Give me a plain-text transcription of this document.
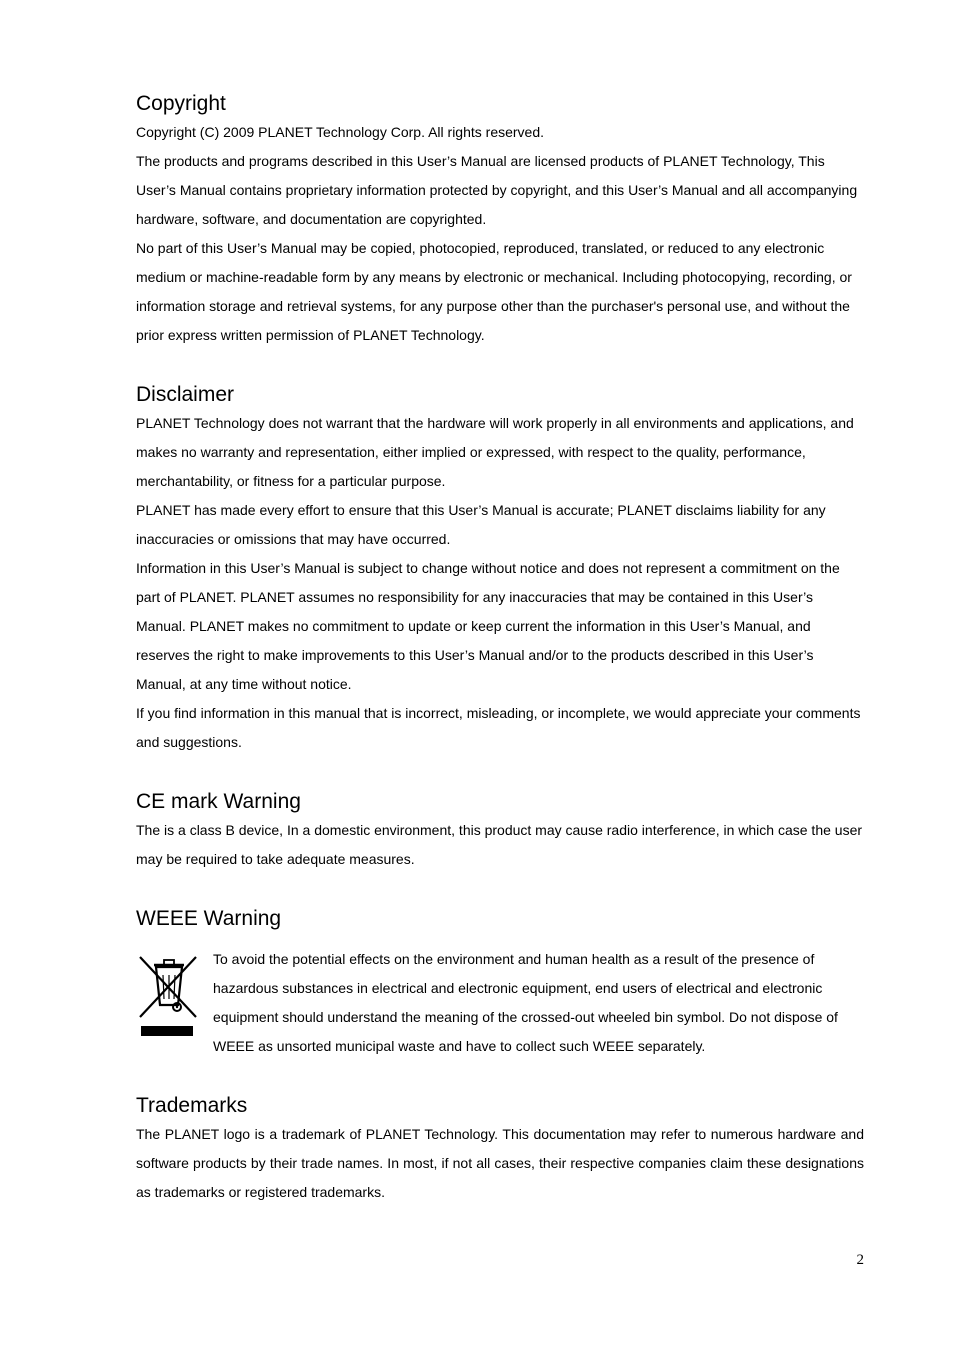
Copyright

Copyright (C) 2009 PLANET Technology Corp. All rights reserved.

The products and programs described in this User’s Manual are licensed products of PLANET Technology, This User’s Manual contains proprietary information protected by copyright, and this User’s Manual and all accompanying hardware, software, and documentation are copyrighted.

No part of this User’s Manual may be copied, photocopied, reproduced, translated, or reduced to any electronic medium or machine-readable form by any means by electronic or mechanical. Including photocopying, recording, or information storage and retrieval systems, for any purpose other than the purchaser's personal use, and without the prior express written permission of PLANET Technology.

Disclaimer

PLANET Technology does not warrant that the hardware will work properly in all environments and applications, and makes no warranty and representation, either implied or expressed, with respect to the quality, performance, merchantability, or fitness for a particular purpose.

PLANET has made every effort to ensure that this User’s Manual is accurate; PLANET disclaims liability for any inaccuracies or omissions that may have occurred.

Information in this User’s Manual is subject to change without notice and does not represent a commitment on the part of PLANET. PLANET assumes no responsibility for any inaccuracies that may be contained in this User’s Manual. PLANET makes no commitment to update or keep current the information in this User’s Manual, and reserves the right to make improvements to this User’s Manual and/or to the products described in this User’s Manual, at any time without notice.

If you find information in this manual that is incorrect, misleading, or incomplete, we would appreciate your comments and suggestions.

CE mark Warning

The is a class B device, In a domestic environment, this product may cause radio interference, in which case the user may be required to take adequate measures.

WEEE Warning

To avoid the potential effects on the environment and human health as a result of the presence of hazardous substances in electrical and electronic equipment, end users of electrical and electronic equipment should understand the meaning of the crossed-out wheeled bin symbol. Do not dispose of WEEE as unsorted municipal waste and have to collect such WEEE separately.

Trademarks

The PLANET logo is a trademark of PLANET Technology. This documentation may refer to numerous hardware and software products by their trade names. In most, if not all cases, their respective companies claim these designations as trademarks or registered trademarks.

2
